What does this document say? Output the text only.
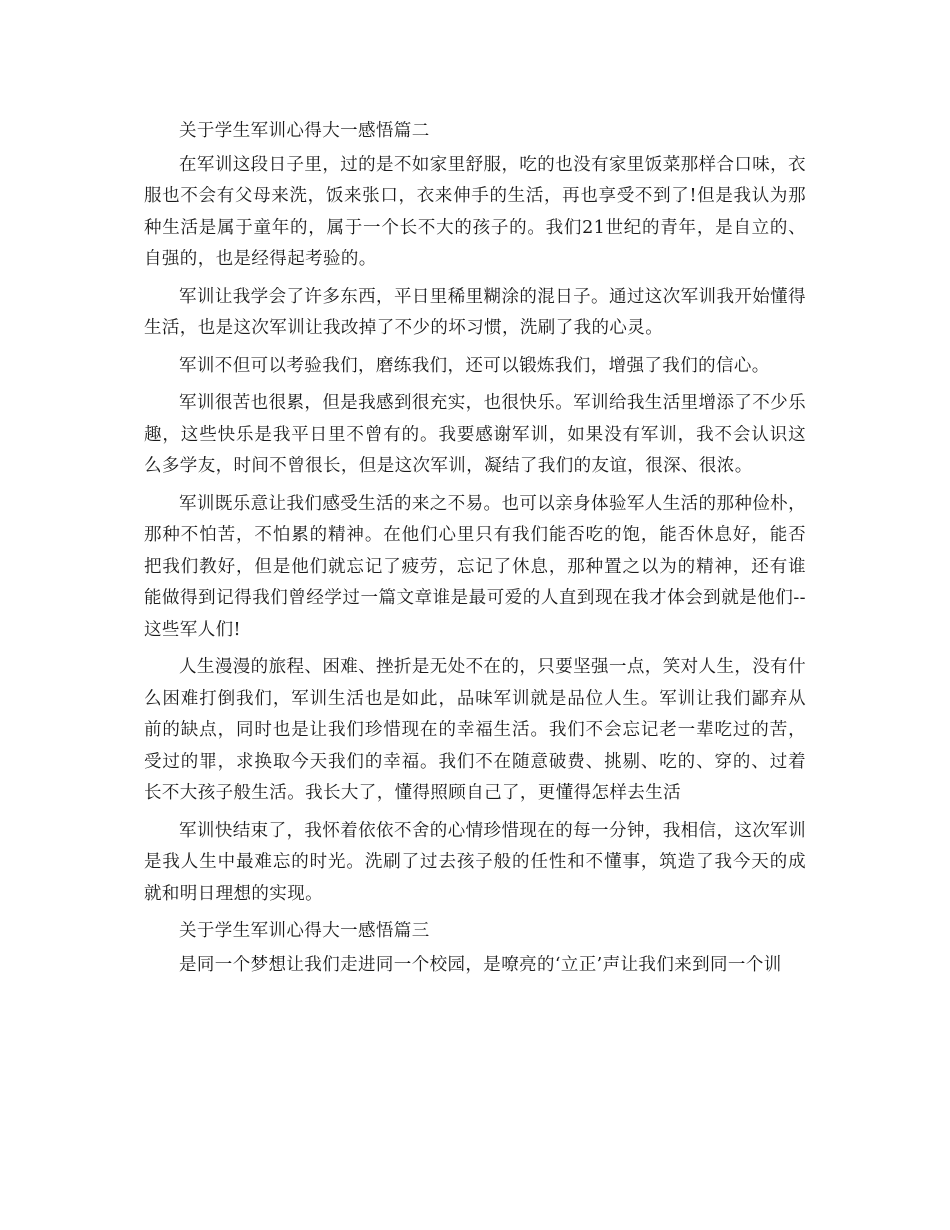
关于学生军训心得大一感悟篇二

在军训这段日子里，过的是不如家里舒服，吃的也没有家里饭菜那样合口味，衣服也不会有父母来洗，饭来张口，衣来伸手的生活，再也享受不到了!但是我认为那种生活是属于童年的，属于一个长不大的孩子的。我们21世纪的青年，是自立的、自强的，也是经得起考验的。

军训让我学会了许多东西，平日里稀里糊涂的混日子。通过这次军训我开始懂得生活，也是这次军训让我改掉了不少的坏习惯，洗刷了我的心灵。

军训不但可以考验我们，磨练我们，还可以锻炼我们，增强了我们的信心。

军训很苦也很累，但是我感到很充实，也很快乐。军训给我生活里增添了不少乐趣，这些快乐是我平日里不曾有的。我要感谢军训，如果没有军训，我不会认识这么多学友，时间不曾很长，但是这次军训，凝结了我们的友谊，很深、很浓。

军训既乐意让我们感受生活的来之不易。也可以亲身体验军人生活的那种俭朴，那种不怕苦，不怕累的精神。在他们心里只有我们能否吃的饱，能否休息好，能否把我们教好，但是他们就忘记了疲劳，忘记了休息，那种置之以为的精神，还有谁能做得到记得我们曾经学过一篇文章谁是最可爱的人直到现在我才体会到就是他们--这些军人们!

人生漫漫的旅程、困难、挫折是无处不在的，只要坚强一点，笑对人生，没有什么困难打倒我们，军训生活也是如此，品味军训就是品位人生。军训让我们鄙弃从前的缺点，同时也是让我们珍惜现在的幸福生活。我们不会忘记老一辈吃过的苦，受过的罪，求换取今天我们的幸福。我们不在随意破费、挑剔、吃的、穿的、过着长不大孩子般生活。我长大了，懂得照顾自己了，更懂得怎样去生活

军训快结束了，我怀着依依不舍的心情珍惜现在的每一分钟，我相信，这次军训是我人生中最难忘的时光。洗刷了过去孩子般的任性和不懂事，筑造了我今天的成就和明日理想的实现。

关于学生军训心得大一感悟篇三

是同一个梦想让我们走进同一个校园，是嘹亮的‘立正’声让我们来到同一个训
